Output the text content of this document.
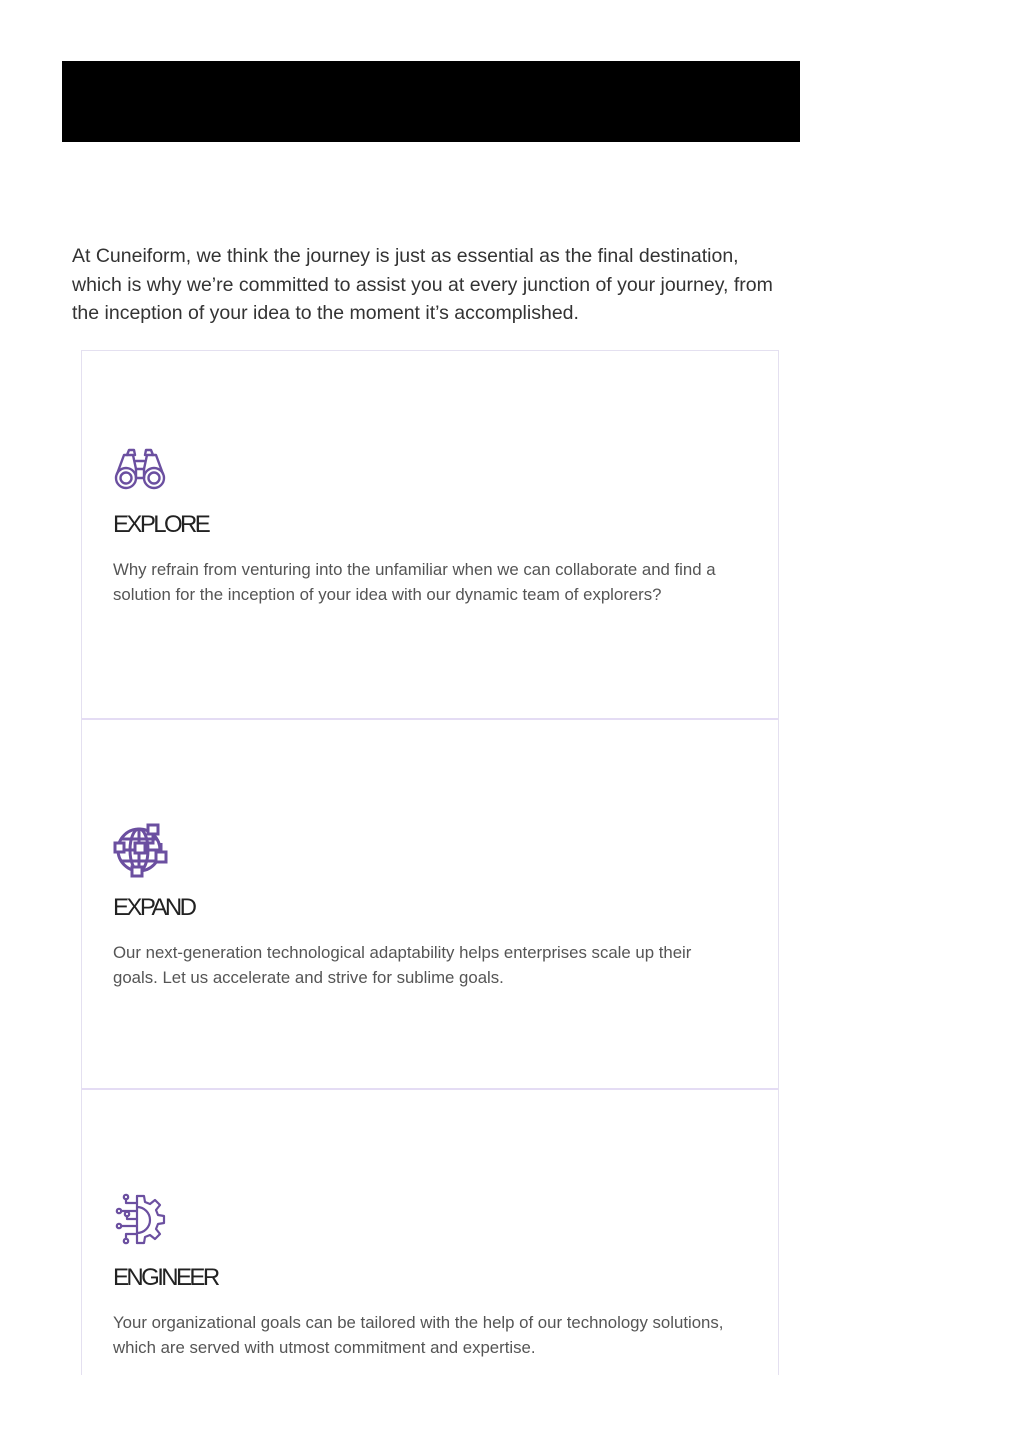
At Cuneiform, we think the journey is just as essential as the final destination, which is why we’re committed to assist you at every junction of your journey, from the inception of your idea to the moment it’s accomplished.

EXPLORE

Why refrain from venturing into the unfamiliar when we can collaborate and find a solution for the inception of your idea with our dynamic team of explorers?

EXPAND

Our next-generation technological adaptability helps enterprises scale up their goals. Let us accelerate and strive for sublime goals.

ENGINEER

Your organizational goals can be tailored with the help of our technology solutions, which are served with utmost commitment and expertise.
